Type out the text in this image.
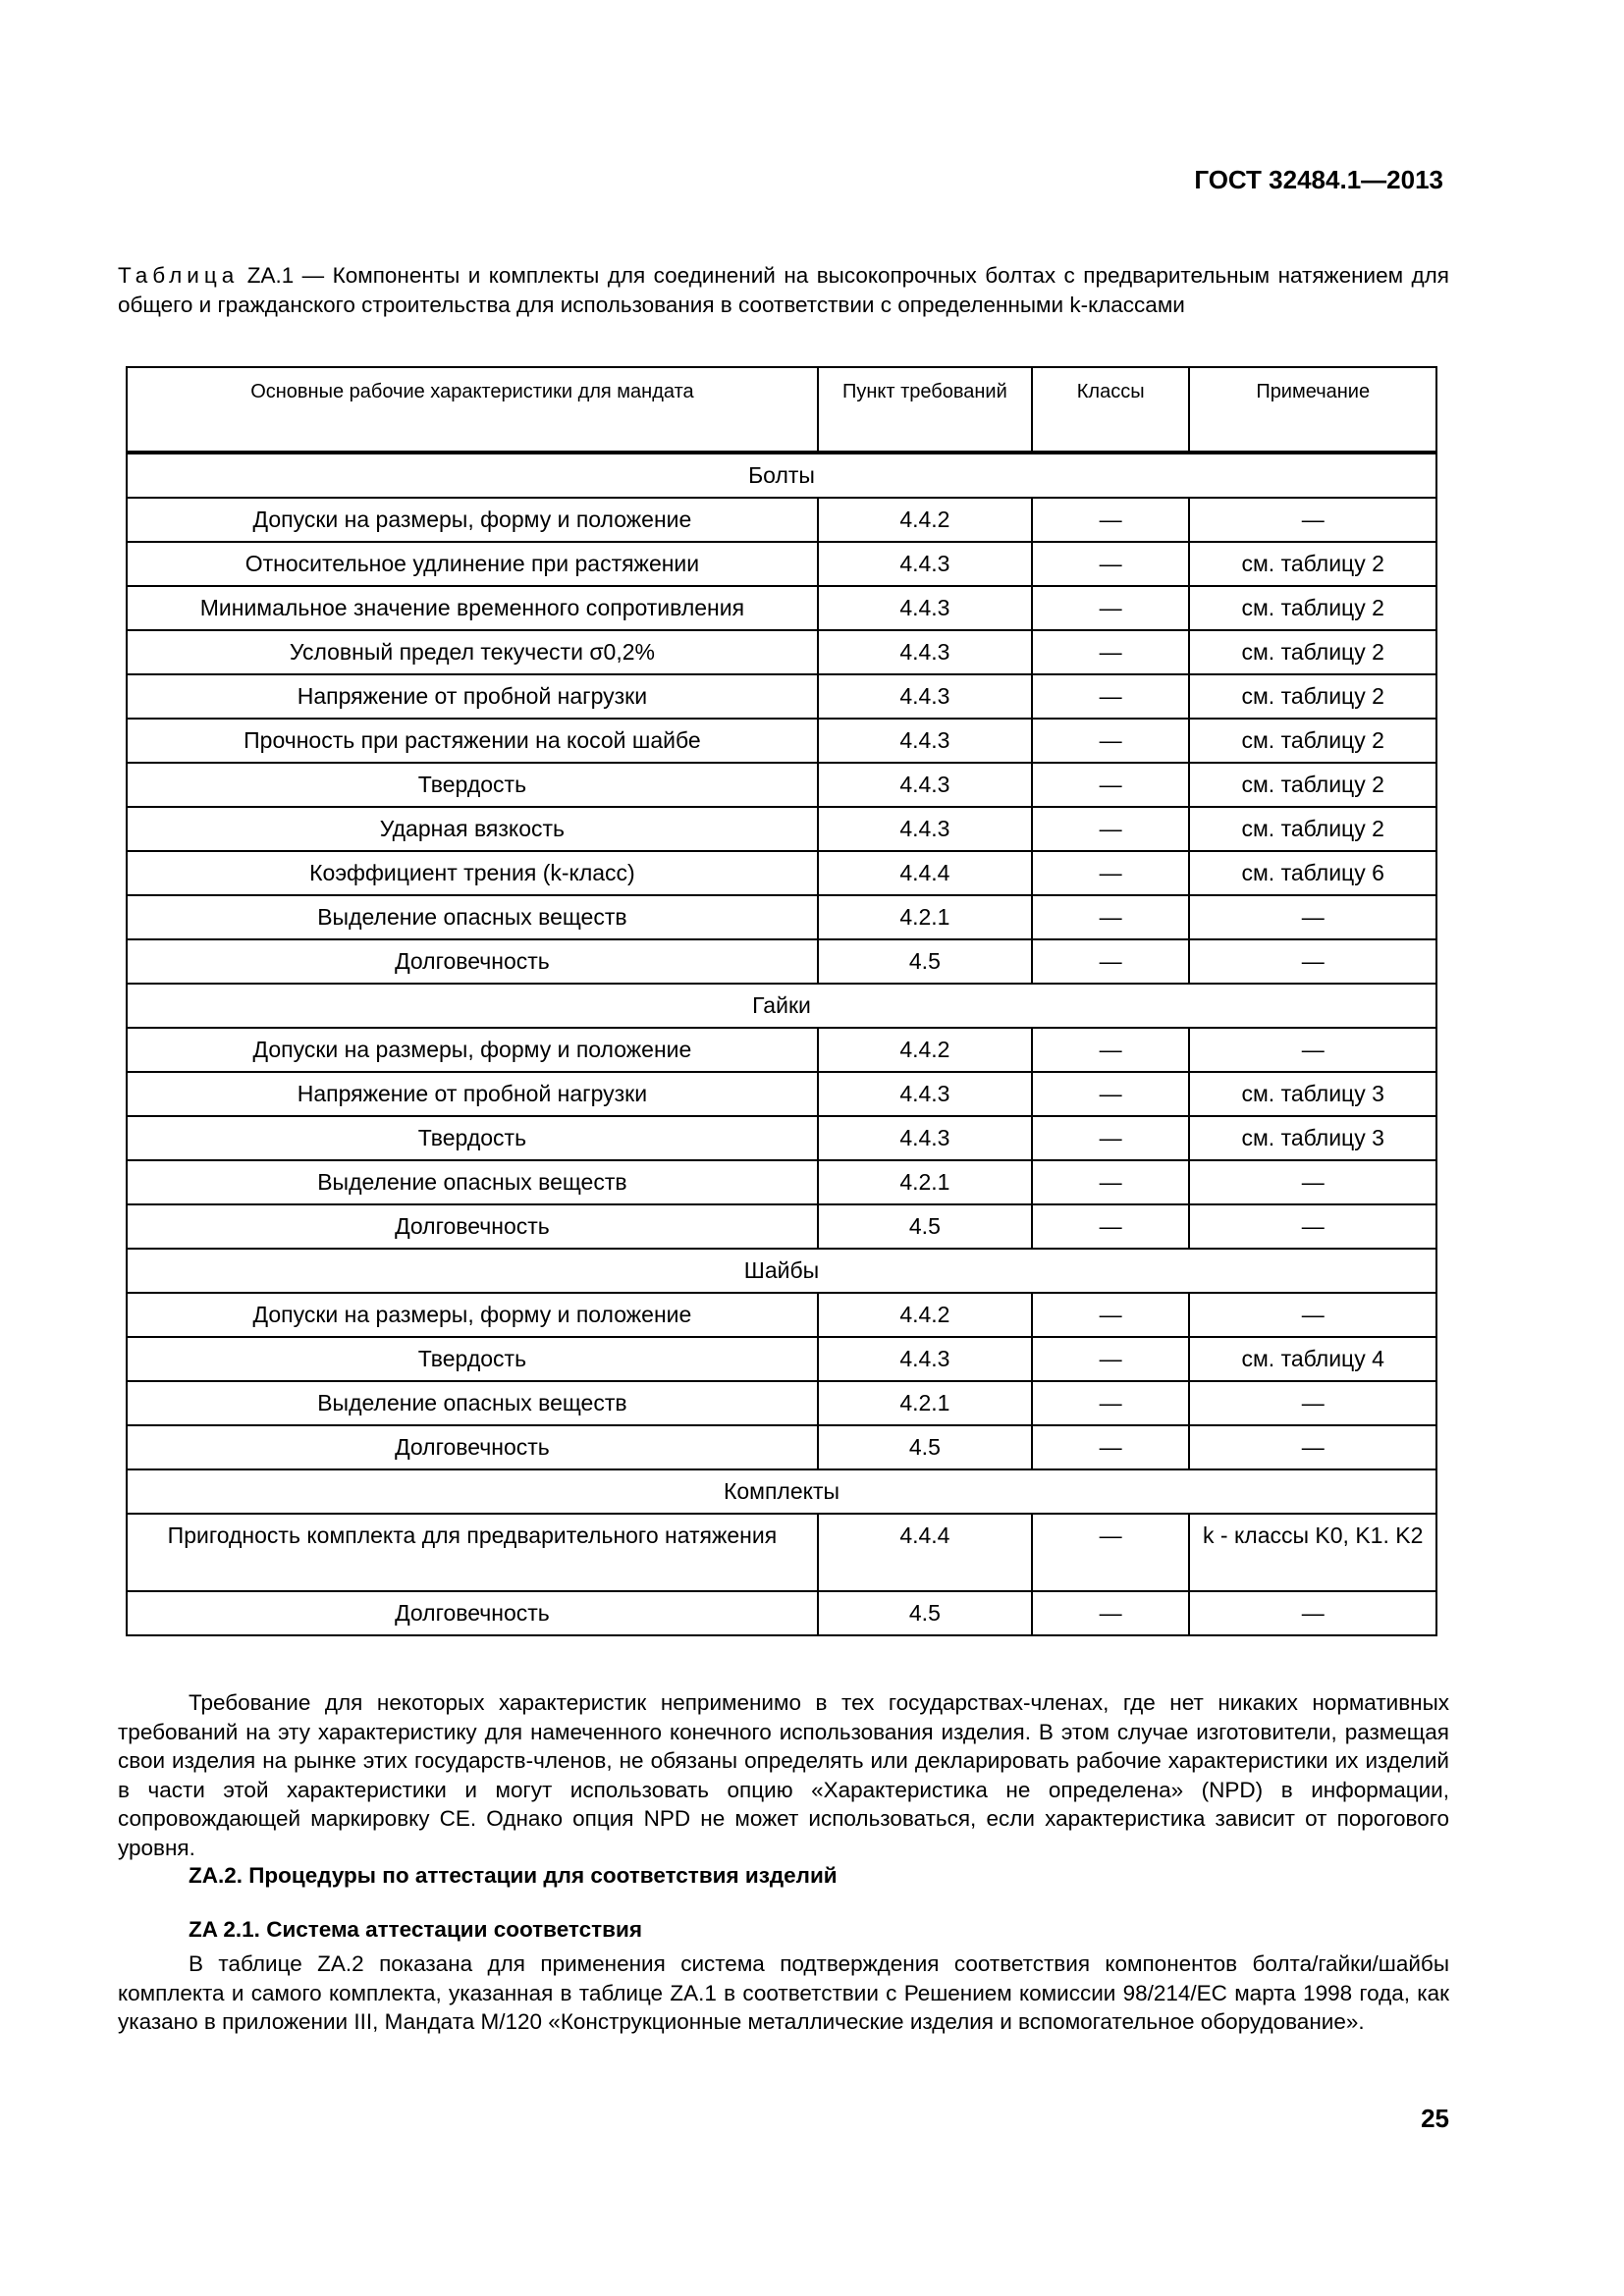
ГОСТ 32484.1—2013
Таблица ZA.1 — Компоненты и комплекты для соединений на высокопрочных болтах с предварительным натяжением для общего и гражданского строительства для использования в соответствии с определенными k-классами
Основные рабочие характеристики для мандата	Пункт требований	Классы	Примечание
Болты			
Допуски на размеры, форму и положение	4.4.2	—	—
Относительное удлинение при растяжении	4.4.3	—	см. таблицу 2
Минимальное значение временного сопротивления	4.4.3	—	см. таблицу 2
Условный предел текучести σ0,2%	4.4.3	—	см. таблицу 2
Напряжение от пробной нагрузки	4.4.3	—	см. таблицу 2
Прочность при растяжении на косой шайбе	4.4.3	—	см. таблицу 2
Твердость	4.4.3	—	см. таблицу 2
Ударная вязкость	4.4.3	—	см. таблицу 2
Коэффициент трения (k-класс)	4.4.4	—	см. таблицу 6
Выделение опасных веществ	4.2.1	—	—
Долговечность	4.5	—	—
Гайки			
Допуски на размеры, форму и положение	4.4.2	—	—
Напряжение от пробной нагрузки	4.4.3	—	см. таблицу 3
Твердость	4.4.3	—	см. таблицу 3
Выделение опасных веществ	4.2.1	—	—
Долговечность	4.5	—	—
Шайбы			
Допуски на размеры, форму и положение	4.4.2	—	—
Твердость	4.4.3	—	см. таблицу 4
Выделение опасных веществ	4.2.1	—	—
Долговечность	4.5	—	—
Комплекты			
Пригодность комплекта для предварительного натяжения	4.4.4	—	k - классы K0, K1. K2
Долговечность	4.5	—	—
Требование для некоторых характеристик неприменимо в тех государствах-членах, где нет никаких нормативных требований на эту характеристику для намеченного конечного использования изделия. В этом случае изготовители, размещая свои изделия на рынке этих государств-членов, не обязаны определять или декларировать рабочие характеристики их изделий в части этой характеристики и могут использовать опцию «Характеристика не определена» (NPD) в информации, сопровождающей маркировку CE. Однако опция NPD не может использоваться, если характеристика зависит от порогового уровня.
ZA.2. Процедуры по аттестации для соответствия изделий
ZA 2.1. Система аттестации соответствия
В таблице ZA.2 показана для применения система подтверждения соответствия компонентов болта/гайки/шайбы комплекта и самого комплекта, указанная в таблице ZA.1 в соответствии с Решением комиссии 98/214/EC марта 1998 года, как указано в приложении III, Мандата М/120 «Конструкционные металлические изделия и вспомогательное оборудование».
25
